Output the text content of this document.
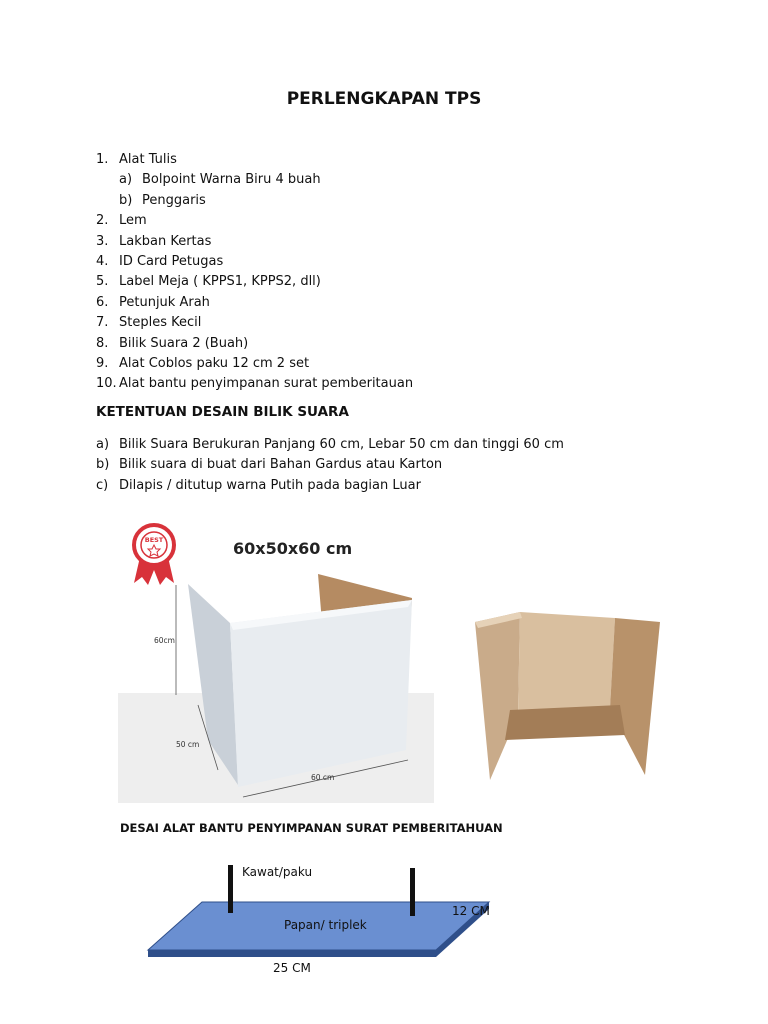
PERLENGKAPAN TPS
1. Alat Tulis
a) Bolpoint Warna Biru 4 buah
b) Penggaris
2. Lem
3. Lakban Kertas
4. ID Card Petugas
5. Label Meja ( KPPS1, KPPS2, dll)
6. Petunjuk Arah
7. Steples Kecil
8. Bilik Suara 2 (Buah)
9. Alat Coblos paku 12 cm 2 set
10. Alat bantu penyimpanan surat pemberitauan
KETENTUAN DESAIN BILIK SUARA
a) Bilik Suara Berukuran Panjang 60 cm, Lebar 50 cm dan tinggi 60 cm
b) Bilik suara di buat dari Bahan Gardus atau Karton
c) Dilapis / ditutup warna Putih pada bagian Luar
BEST	60x50x60 cm
60cm
50 cm
60 cm
DESAI ALAT BANTU PENYIMPANAN SURAT PEMBERITAHUAN
Kawat/paku
Papan/ triplek
12 CM
25 CM
